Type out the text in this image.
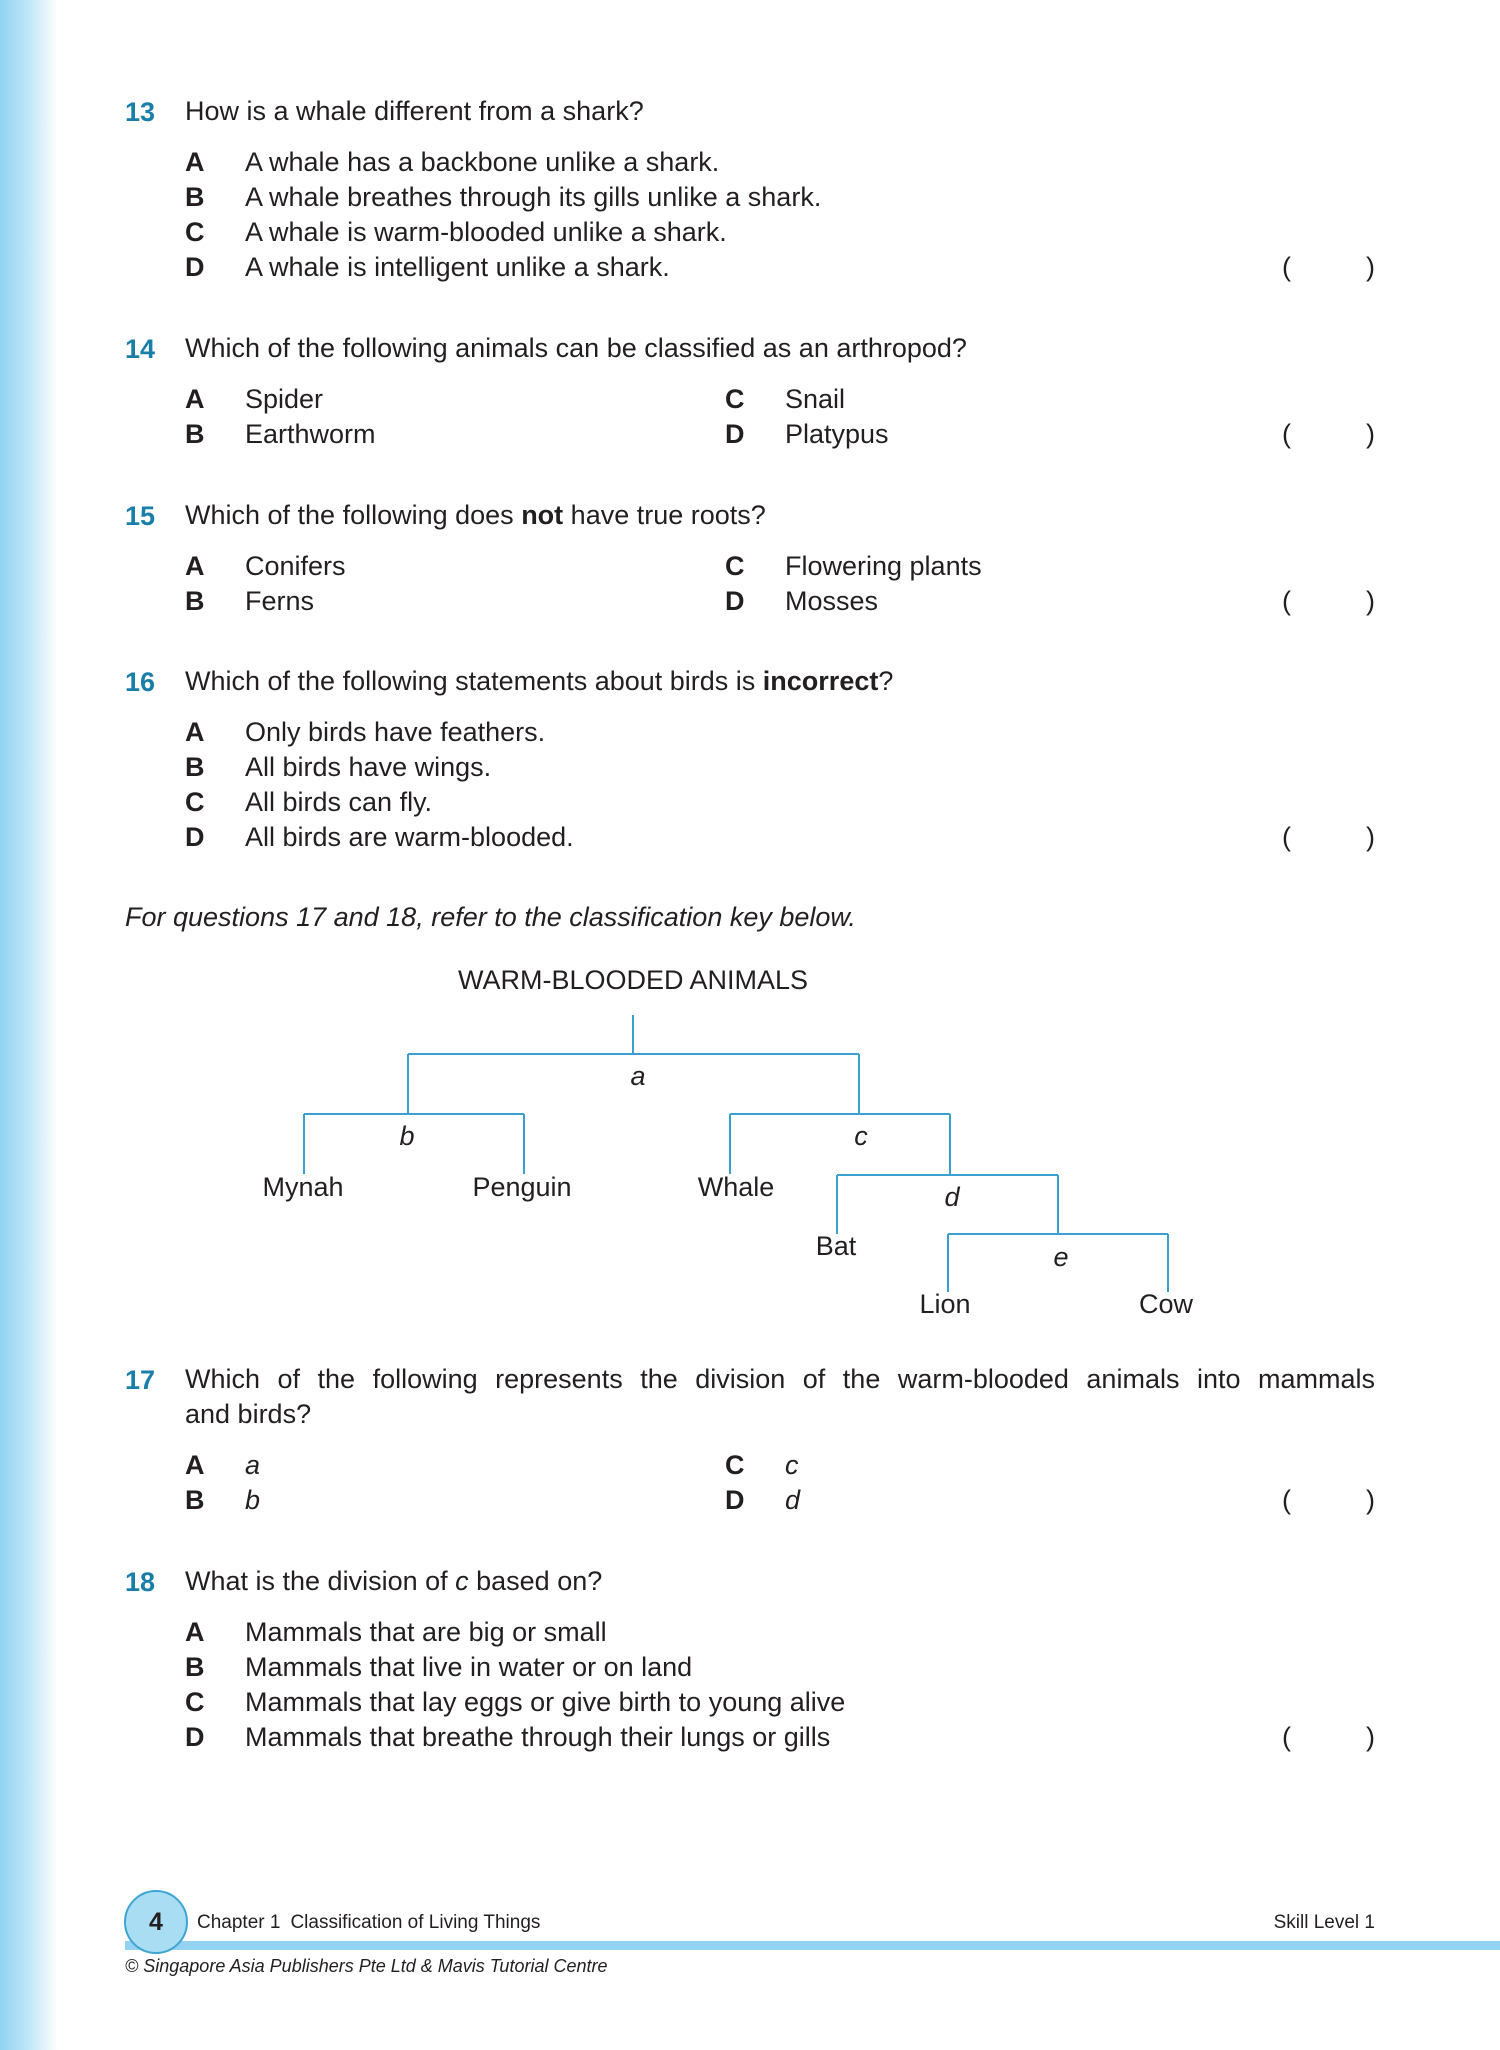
13	How is a whale different from a shark?
A	A whale has a backbone unlike a shark.
B	A whale breathes through its gills unlike a shark.
C	A whale is warm-blooded unlike a shark.
D	A whale is intelligent unlike a shark.	(          )
14	Which of the following animals can be classified as an arthropod?
A	Spider	C	Snail
B	Earthworm	D	Platypus	(          )
15	Which of the following does not have true roots?
A	Conifers	C	Flowering plants
B	Ferns	D	Mosses	(          )
16	Which of the following statements about birds is incorrect?
A	Only birds have feathers.
B	All birds have wings.
C	All birds can fly.
D	All birds are warm-blooded.	(          )
For questions 17 and 18, refer to the classification key below.
WARM-BLOODED ANIMALS
a
b	c
d
e
Mynah	Penguin	Whale
Bat
Lion	Cow
17	Which of the following represents the division of the warm-blooded animals into mammals
and birds?
A	a	C	c
B	b	D	d	(          )
18	What is the division of c based on?
A	Mammals that are big or small
B	Mammals that live in water or on land
C	Mammals that lay eggs or give birth to young alive
D	Mammals that breathe through their lungs or gills	(          )
4	Chapter 1 Classification of Living Things	Skill Level 1
© Singapore Asia Publishers Pte Ltd & Mavis Tutorial Centre
